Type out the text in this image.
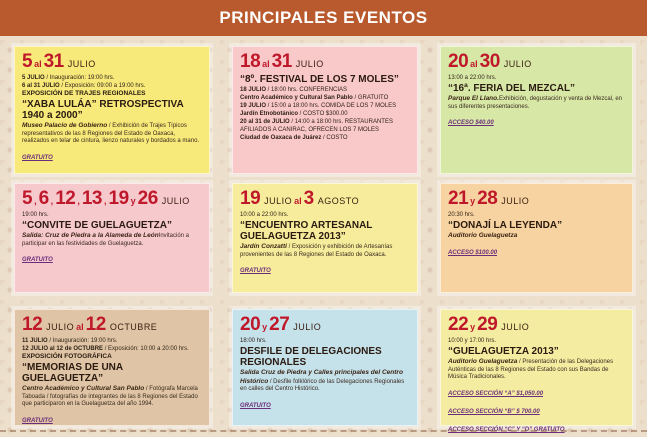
PRINCIPALES EVENTOS
5 al 31 JULIO
5 JULIO / Inauguración: 19:00 hrs.
6 al 31 JULIO / Exposición: 09:00 a 19:00 hrs.
EXPOSICIÓN DE TRAJES REGIONALES
“XABA LULÁA” RETROSPECTIVA 1940 a 2000”
Museo Palacio de Gobierno / Exhibición de Trajes Típicos representativos de las 8 Regiones del Estado de Oaxaca, realizados en telar de cintura, lienzo naturales y bordados a mano.
GRATUITO
18 al 31 JULIO
“8º. FESTIVAL DE LOS 7 MOLES”
18 JULIO / 18:00 hrs. CONFERENCIAS
Centro Académico y Cultural San Pablo / GRATUITO
19 JULIO / 15:00 a 18:00 hrs. COMIDA DE LOS 7 MOLES
Jardín Etnobotánico / COSTO $300.00
20 al 31 de JULIO / 14:00 a 18:00 hrs. RESTAURANTES AFILIADOS A CANIRAC, OFRECEN LOS 7 MOLES
Ciudad de Oaxaca de Juárez / COSTO
20 al 30 JULIO
13:00 a 22:00 hrs.
“16ª. FERIA DEL MEZCAL”
Parque El Llano.Exhibición, degustación y venta de Mezcal, en sus diferentes presentaciones.
ACCESO $40.00
5 , 6 , 12 , 13 , 19 y 26 JULIO
19:00 hrs.
“CONVITE DE GUELAGUETZA”
Salida: Cruz de Piedra a la Alameda de LeónInvitación a participar en las festividades de Guelaguetza.
GRATUITO
19 JULIO al 3 AGOSTO
10:00 a 22:00 hrs.
“ENCUENTRO ARTESANAL GUELAGUETZA 2013”
Jardín Conzatti / Exposición y exhibición de Artesanías provenientes de las 8 Regiones del Estado de Oaxaca.
GRATUITO
21 y 28 JULIO
20:30 hrs.
“DONAJÍ LA LEYENDA”
Auditorio Guelaguetza
ACCESO $100.00
12 JULIO al 12 OCTUBRE
11 JULIO / Inauguración: 19:00 hrs.
12 JULIO al 12 de OCTUBRE / Exposición: 10:00 a 20:00 hrs.
EXPOSICIÓN FOTOGRÁFICA
“MEMORIAS DE UNA GUELAGUETZA”
Centro Académico y Cultural San Pablo / Fotógrafa Marcela Taboada / fotografías de integrantes de las 8 Regiones del Estado que participaron en la Guelaguetza del año 1994.
GRATUITO
20 y 27 JULIO
18:00 hrs.
DESFILE DE DELEGACIONES REGIONALES
Salida Cruz de Piedra y Calles principales del Centro Histórico / Desfile folklórico de las Delegaciones Regionales en calles del Centro Histórico.
GRATUITO
22 y 29 JULIO
10:00 y 17:00 hrs.
“GUELAGUETZA 2013”
Auditorio Guelaguetza / Presentación de las Delegaciones Auténticas de las 8 Regiones del Estado con sus Bandas de Música Tradicionales.
ACCESO SECCIÓN “A” $1,050.00
ACCESO SECCIÓN “B” $ 700.00
ACCESO SECCIÓN “C” Y “D” GRATUITO
